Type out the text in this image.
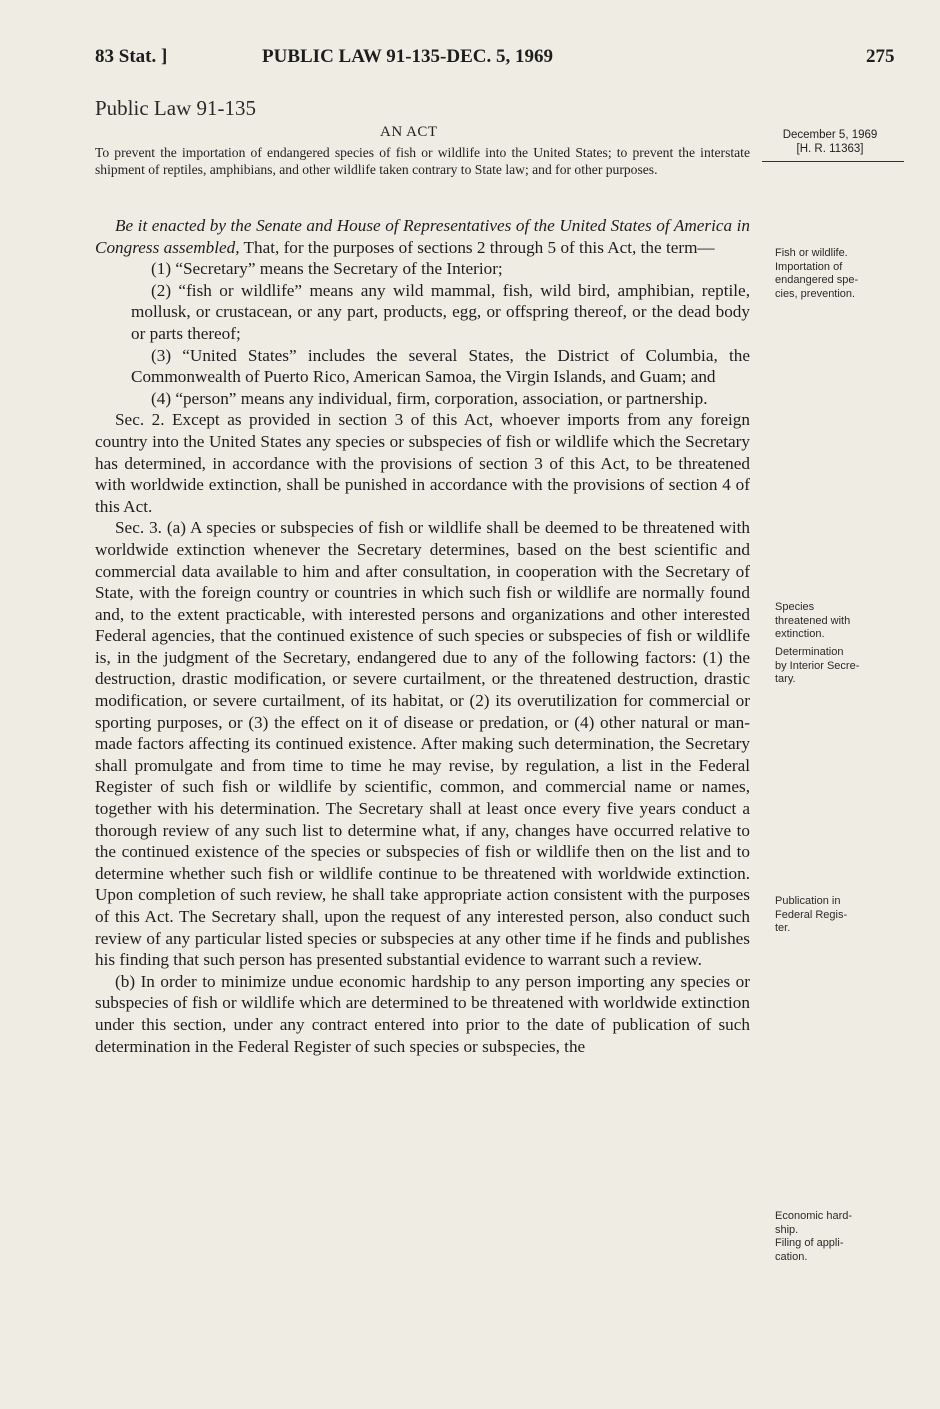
83 Stat. ]	PUBLIC LAW 91-135-DEC. 5, 1969	275
Public Law 91-135
AN ACT
To prevent the importation of endangered species of fish or wildlife into the United States; to prevent the interstate shipment of reptiles, amphibians, and other wildlife taken contrary to State law; and for other purposes.
December 5, 1969
[H. R. 11363]

Be it enacted by the Senate and House of Representatives of the United States of America in Congress assembled, That, for the purposes of sections 2 through 5 of this Act, the term—

(1) “Secretary” means the Secretary of the Interior;

(2) “fish or wildlife” means any wild mammal, fish, wild bird, amphibian, reptile, mollusk, or crustacean, or any part, products, egg, or offspring thereof, or the dead body or parts thereof;

(3) “United States” includes the several States, the District of Columbia, the Commonwealth of Puerto Rico, American Samoa, the Virgin Islands, and Guam; and

(4) “person” means any individual, firm, corporation, association, or partnership.

Sec. 2. Except as provided in section 3 of this Act, whoever imports from any foreign country into the United States any species or subspecies of fish or wildlife which the Secretary has determined, in accordance with the provisions of section 3 of this Act, to be threatened with worldwide extinction, shall be punished in accordance with the provisions of section 4 of this Act.

Sec. 3. (a) A species or subspecies of fish or wildlife shall be deemed to be threatened with worldwide extinction whenever the Secretary determines, based on the best scientific and commercial data available to him and after consultation, in cooperation with the Secretary of State, with the foreign country or countries in which such fish or wildlife are normally found and, to the extent practicable, with interested persons and organizations and other interested Federal agencies, that the continued existence of such species or subspecies of fish or wildlife is, in the judgment of the Secretary, endangered due to any of the following factors: (1) the destruction, drastic modification, or severe curtailment, or the threatened destruction, drastic modification, or severe curtailment, of its habitat, or (2) its overutilization for commercial or sporting purposes, or (3) the effect on it of disease or predation, or (4) other natural or man-made factors affecting its continued existence. After making such determination, the Secretary shall promulgate and from time to time he may revise, by regulation, a list in the Federal Register of such fish or wildlife by scientific, common, and commercial name or names, together with his determination. The Secretary shall at least once every five years conduct a thorough review of any such list to determine what, if any, changes have occurred relative to the continued existence of the species or subspecies of fish or wildlife then on the list and to determine whether such fish or wildlife continue to be threatened with worldwide extinction. Upon completion of such review, he shall take appropriate action consistent with the purposes of this Act. The Secretary shall, upon the request of any interested person, also conduct such review of any particular listed species or subspecies at any other time if he finds and publishes his finding that such person has presented substantial evidence to warrant such a review.

(b) In order to minimize undue economic hardship to any person importing any species or subspecies of fish or wildlife which are determined to be threatened with worldwide extinction under this section, under any contract entered into prior to the date of publication of such determination in the Federal Register of such species or subspecies, the

Fish or wildlife.
Importation of
endangered spe-
cies, prevention.
Species
threatened with
extinction.
Determination
by Interior Secre-
tary.
Publication in
Federal Regis-
ter.
Economic hard-
ship.
Filing of appli-
cation.
